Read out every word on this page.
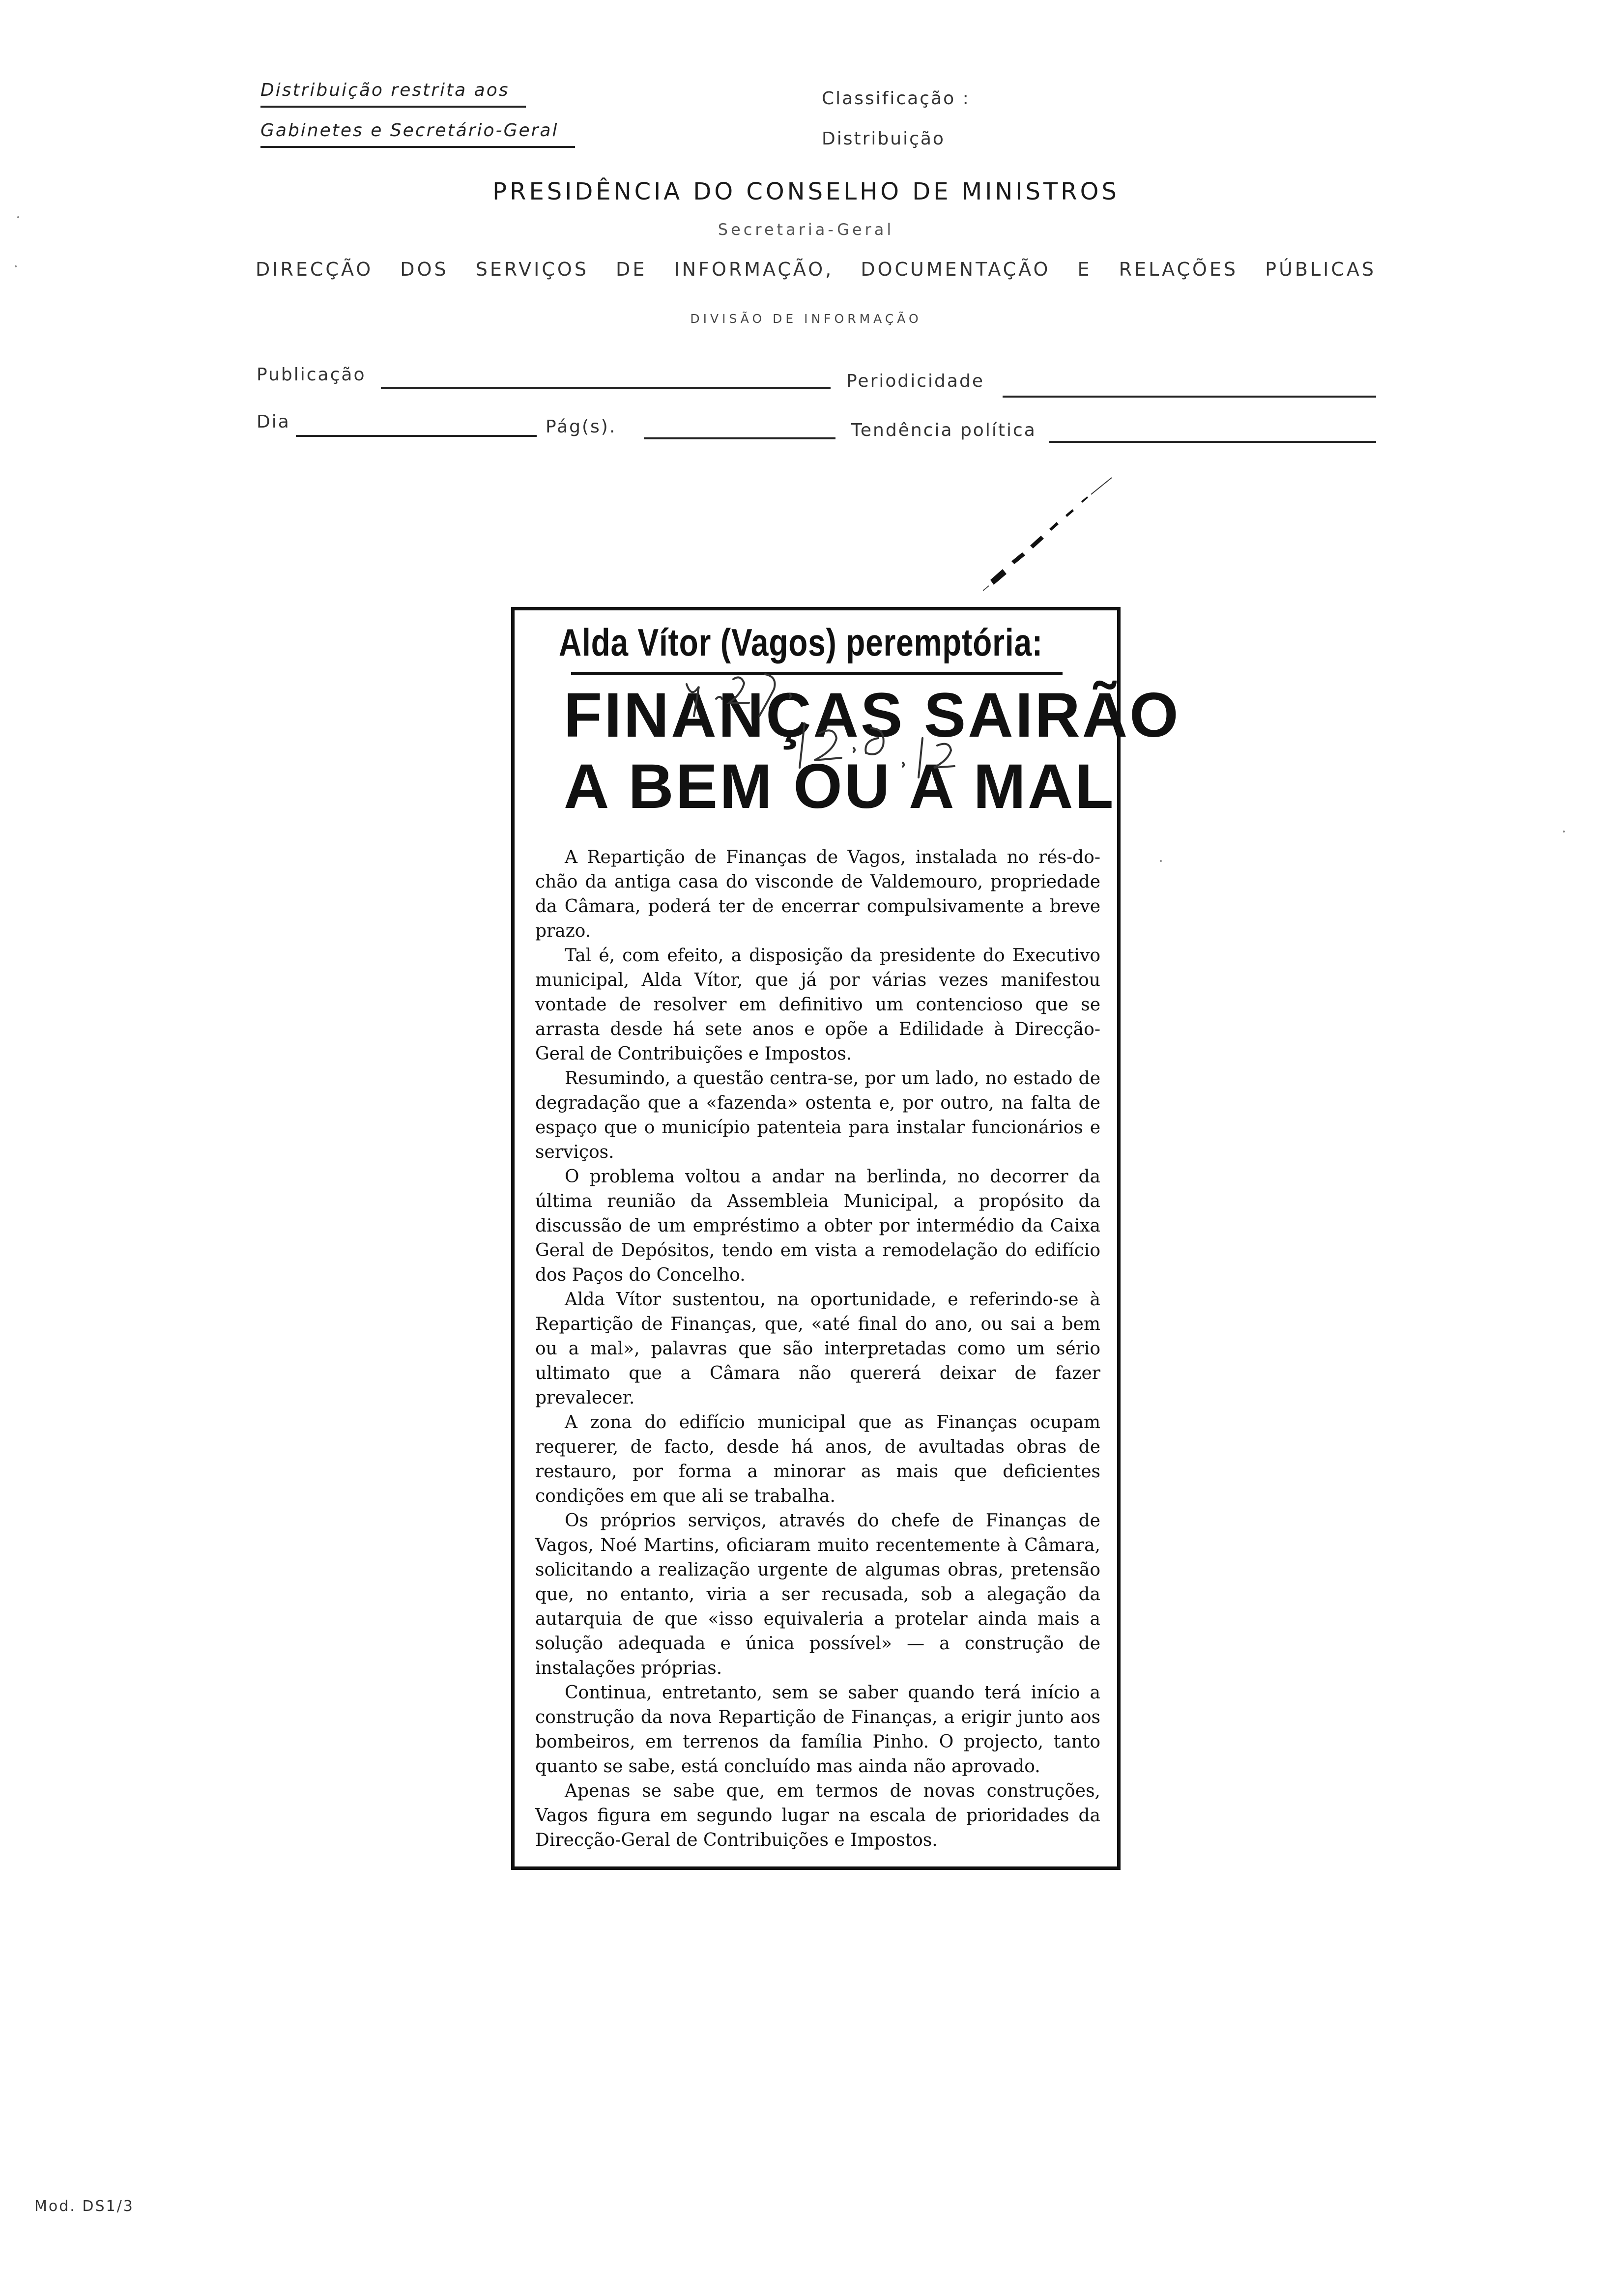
Distribuição restrita aos
Gabinetes e Secretário-Geral
Classificação :
Distribuição
PRESIDÊNCIA DO CONSELHO DE MINISTROS
Secretaria-Geral
DIRECÇÃO DOS SERVIÇOS DE INFORMAÇÃO, DOCUMENTAÇÃO E RELAÇÕES PÚBLICAS
DIVISÃO DE INFORMAÇÃO
Publicação	Periodicidade
Dia	Pág(s).	Tendência política
Alda Vítor (Vagos) peremptória:
FINANÇAS SAIRÃO
A BEM OU A MAL

A Repartição de Finanças de Vagos, instalada no rés-do-chão da antiga casa do visconde de Valdemouro, propriedade da Câmara, poderá ter de encerrar compulsivamente a breve prazo.

Tal é, com efeito, a disposição da presidente do Executivo municipal, Alda Vítor, que já por várias vezes manifestou vontade de resolver em definitivo um contencioso que se arrasta desde há sete anos e opõe a Edilidade à Direcção-Geral de Contribuições e Impostos.

Resumindo, a questão centra-se, por um lado, no estado de degradação que a «fazenda» ostenta e, por outro, na falta de espaço que o município patenteia para instalar funcionários e serviços.

O problema voltou a andar na berlinda, no decorrer da última reunião da Assembleia Municipal, a propósito da discussão de um empréstimo a obter por intermédio da Caixa Geral de Depósitos, tendo em vista a remodelação do edifício dos Paços do Concelho.

Alda Vítor sustentou, na oportunidade, e referindo-se à Repartição de Finanças, que, «até final do ano, ou sai a bem ou a mal», palavras que são interpretadas como um sério ultimato que a Câmara não quererá deixar de fazer prevalecer.

A zona do edifício municipal que as Finanças ocupam requerer, de facto, desde há anos, de avultadas obras de restauro, por forma a minorar as mais que deficientes condições em que ali se trabalha.

Os próprios serviços, através do chefe de Finanças de Vagos, Noé Martins, oficiaram muito recentemente à Câmara, solicitando a realização urgente de algumas obras, pretensão que, no entanto, viria a ser recusada, sob a alegação da autarquia de que «isso equivaleria a protelar ainda mais a solução adequada e única possível» — a construção de instalações próprias.

Continua, entretanto, sem se saber quando terá início a construção da nova Repartição de Finanças, a erigir junto aos bombeiros, em terrenos da família Pinho. O projecto, tanto quanto se sabe, está concluído mas ainda não aprovado.

Apenas se sabe que, em termos de novas construções, Vagos figura em segundo lugar na escala de prioridades da Direcção-Geral de Contribuições e Impostos.

Mod. DS1/3
